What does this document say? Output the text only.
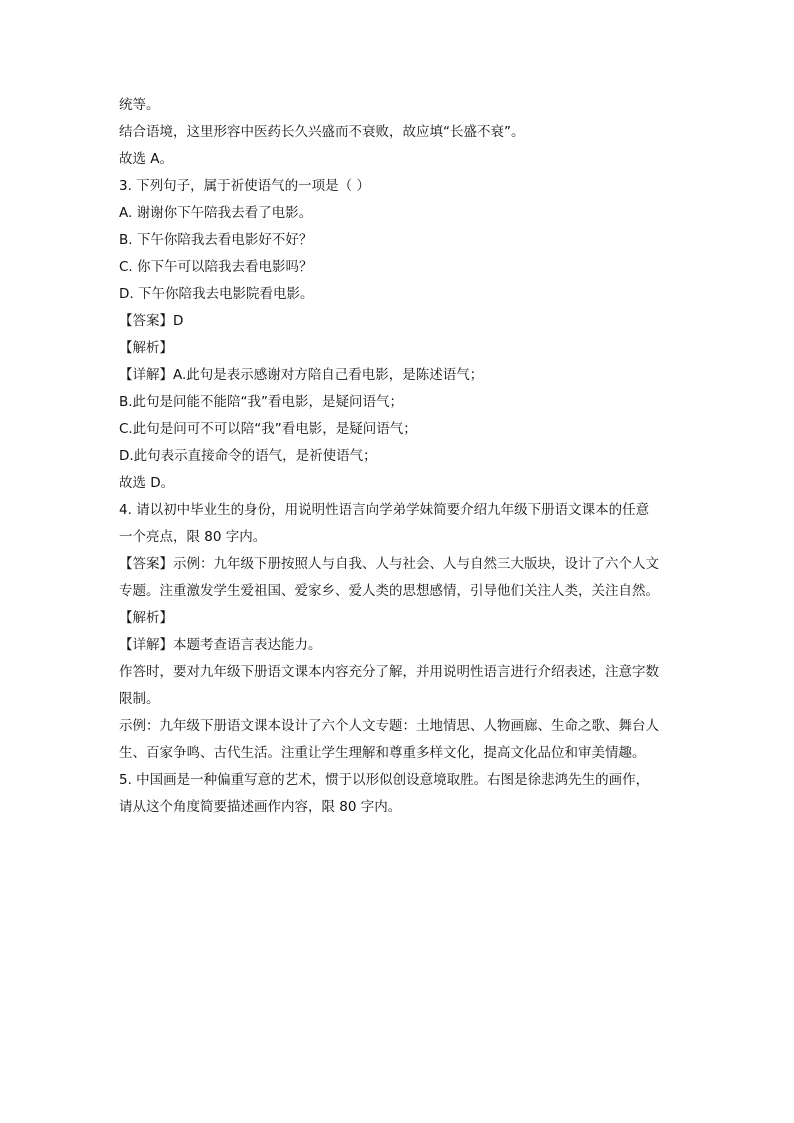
统等。
结合语境，这里形容中医药长久兴盛而不衰败，故应填“长盛不衰”。
故选 A。
3. 下列句子，属于祈使语气的一项是（ ）
A. 谢谢你下午陪我去看了电影。
B. 下午你陪我去看电影好不好？
C. 你下午可以陪我去看电影吗？
D. 下午你陪我去电影院看电影。
【答案】D
【解析】
【详解】A.此句是表示感谢对方陪自己看电影，是陈述语气；
B.此句是问能不能陪“我”看电影，是疑问语气；
C.此句是问可不可以陪“我”看电影，是疑问语气；
D.此句表示直接命令的语气，是祈使语气；
故选 D。
4. 请以初中毕业生的身份，用说明性语言向学弟学妹简要介绍九年级下册语文课本的任意
一个亮点，限 80 字内。
【答案】示例：九年级下册按照人与自我、人与社会、人与自然三大版块，设计了六个人文
专题。注重激发学生爱祖国、爱家乡、爱人类的思想感情，引导他们关注人类，关注自然。
【解析】
【详解】本题考查语言表达能力。
作答时，要对九年级下册语文课本内容充分了解，并用说明性语言进行介绍表述，注意字数
限制。
示例：九年级下册语文课本设计了六个人文专题：土地情思、人物画廊、生命之歌、舞台人
生、百家争鸣、古代生活。注重让学生理解和尊重多样文化，提高文化品位和审美情趣。
5. 中国画是一种偏重写意的艺术，惯于以形似创设意境取胜。右图是徐悲鸿先生的画作，
请从这个角度简要描述画作内容，限 80 字内。
